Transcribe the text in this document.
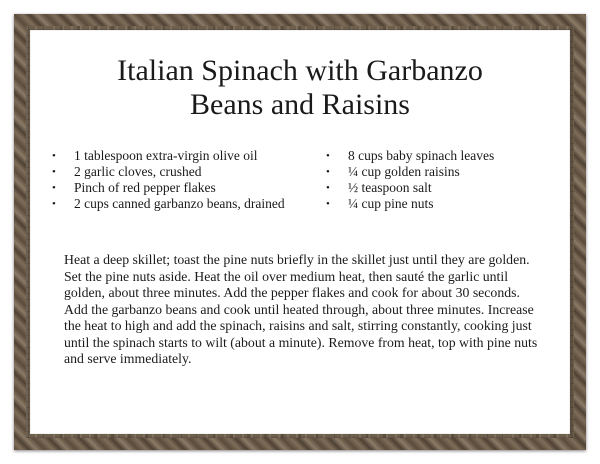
Italian Spinach with Garbanzo
Beans and Raisins
• 1 tablespoon extra-virgin olive oil
• 2 garlic cloves, crushed
• Pinch of red pepper flakes
• 2 cups canned garbanzo beans, drained
• 8 cups baby spinach leaves
• ¼ cup golden raisins
• ½ teaspoon salt
• ¼ cup pine nuts

Heat a deep skillet; toast the pine nuts briefly in the skillet just until they are golden. Set the pine nuts aside. Heat the oil over medium heat, then sauté the garlic until golden, about three minutes. Add the pepper flakes and cook for about 30 seconds. Add the garbanzo beans and cook until heated through, about three minutes. Increase the heat to high and add the spinach, raisins and salt, stirring constantly, cooking just until the spinach starts to wilt (about a minute). Remove from heat, top with pine nuts and serve immediately.
